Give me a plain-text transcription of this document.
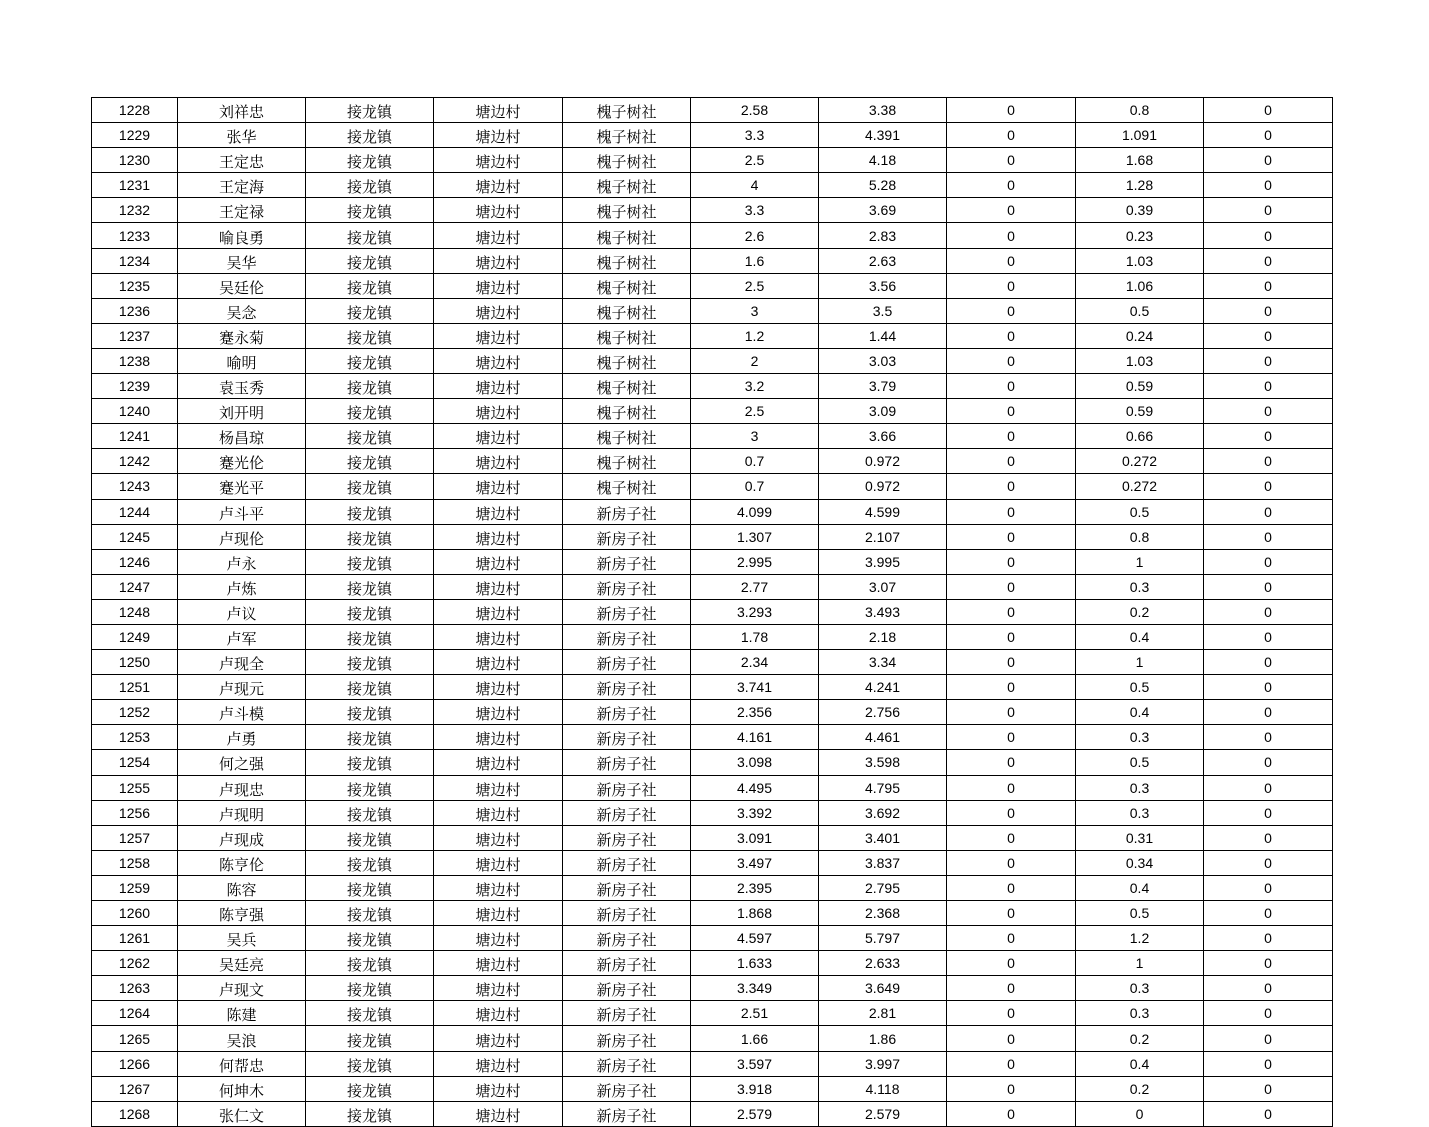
1228	刘祥忠	接龙镇	塘边村	槐子树社	2.58	3.38	0	0.8	0
1229	张华	接龙镇	塘边村	槐子树社	3.3	4.391	0	1.091	0
1230	王定忠	接龙镇	塘边村	槐子树社	2.5	4.18	0	1.68	0
1231	王定海	接龙镇	塘边村	槐子树社	4	5.28	0	1.28	0
1232	王定禄	接龙镇	塘边村	槐子树社	3.3	3.69	0	0.39	0
1233	喻良勇	接龙镇	塘边村	槐子树社	2.6	2.83	0	0.23	0
1234	吴华	接龙镇	塘边村	槐子树社	1.6	2.63	0	1.03	0
1235	吴廷伦	接龙镇	塘边村	槐子树社	2.5	3.56	0	1.06	0
1236	吴念	接龙镇	塘边村	槐子树社	3	3.5	0	0.5	0
1237	蹇永菊	接龙镇	塘边村	槐子树社	1.2	1.44	0	0.24	0
1238	喻明	接龙镇	塘边村	槐子树社	2	3.03	0	1.03	0
1239	袁玉秀	接龙镇	塘边村	槐子树社	3.2	3.79	0	0.59	0
1240	刘开明	接龙镇	塘边村	槐子树社	2.5	3.09	0	0.59	0
1241	杨昌琼	接龙镇	塘边村	槐子树社	3	3.66	0	0.66	0
1242	蹇光伦	接龙镇	塘边村	槐子树社	0.7	0.972	0	0.272	0
1243	蹇光平	接龙镇	塘边村	槐子树社	0.7	0.972	0	0.272	0
1244	卢斗平	接龙镇	塘边村	新房子社	4.099	4.599	0	0.5	0
1245	卢现伦	接龙镇	塘边村	新房子社	1.307	2.107	0	0.8	0
1246	卢永	接龙镇	塘边村	新房子社	2.995	3.995	0	1	0
1247	卢炼	接龙镇	塘边村	新房子社	2.77	3.07	0	0.3	0
1248	卢议	接龙镇	塘边村	新房子社	3.293	3.493	0	0.2	0
1249	卢军	接龙镇	塘边村	新房子社	1.78	2.18	0	0.4	0
1250	卢现全	接龙镇	塘边村	新房子社	2.34	3.34	0	1	0
1251	卢现元	接龙镇	塘边村	新房子社	3.741	4.241	0	0.5	0
1252	卢斗模	接龙镇	塘边村	新房子社	2.356	2.756	0	0.4	0
1253	卢勇	接龙镇	塘边村	新房子社	4.161	4.461	0	0.3	0
1254	何之强	接龙镇	塘边村	新房子社	3.098	3.598	0	0.5	0
1255	卢现忠	接龙镇	塘边村	新房子社	4.495	4.795	0	0.3	0
1256	卢现明	接龙镇	塘边村	新房子社	3.392	3.692	0	0.3	0
1257	卢现成	接龙镇	塘边村	新房子社	3.091	3.401	0	0.31	0
1258	陈亨伦	接龙镇	塘边村	新房子社	3.497	3.837	0	0.34	0
1259	陈容	接龙镇	塘边村	新房子社	2.395	2.795	0	0.4	0
1260	陈亨强	接龙镇	塘边村	新房子社	1.868	2.368	0	0.5	0
1261	吴兵	接龙镇	塘边村	新房子社	4.597	5.797	0	1.2	0
1262	吴廷亮	接龙镇	塘边村	新房子社	1.633	2.633	0	1	0
1263	卢现文	接龙镇	塘边村	新房子社	3.349	3.649	0	0.3	0
1264	陈建	接龙镇	塘边村	新房子社	2.51	2.81	0	0.3	0
1265	吴浪	接龙镇	塘边村	新房子社	1.66	1.86	0	0.2	0
1266	何帮忠	接龙镇	塘边村	新房子社	3.597	3.997	0	0.4	0
1267	何坤木	接龙镇	塘边村	新房子社	3.918	4.118	0	0.2	0
1268	张仁文	接龙镇	塘边村	新房子社	2.579	2.579	0	0	0
